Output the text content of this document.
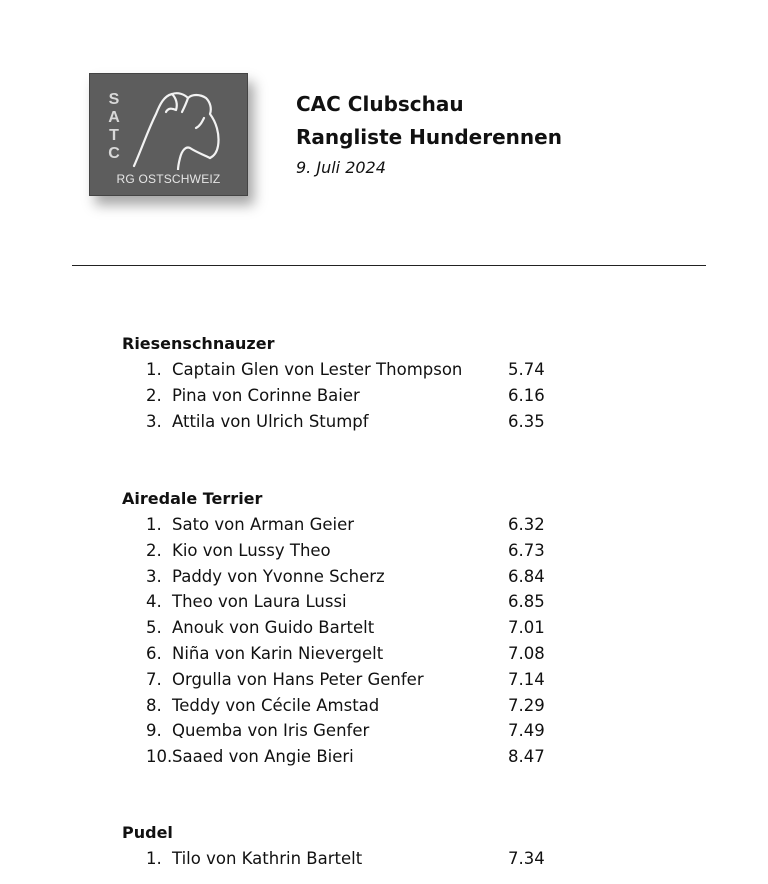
S
A
T
C
RG OSTSCHWEIZ
CAC Clubschau
Rangliste Hunderennen
9. Juli 2024
Riesenschnauzer
1. Captain Glen von Lester Thompson	5.74
2. Pina von Corinne Baier	6.16
3. Attila von Ulrich Stumpf	6.35
Airedale Terrier
1. Sato von Arman Geier	6.32
2. Kio von Lussy Theo	6.73
3. Paddy von Yvonne Scherz	6.84
4. Theo von Laura Lussi	6.85
5. Anouk von Guido Bartelt	7.01
6. Niña von Karin Nievergelt	7.08
7. Orgulla von Hans Peter Genfer	7.14
8. Teddy von Cécile Amstad	7.29
9. Quemba von Iris Genfer	7.49
10. Saaed von Angie Bieri	8.47
Pudel
1. Tilo von Kathrin Bartelt	7.34
